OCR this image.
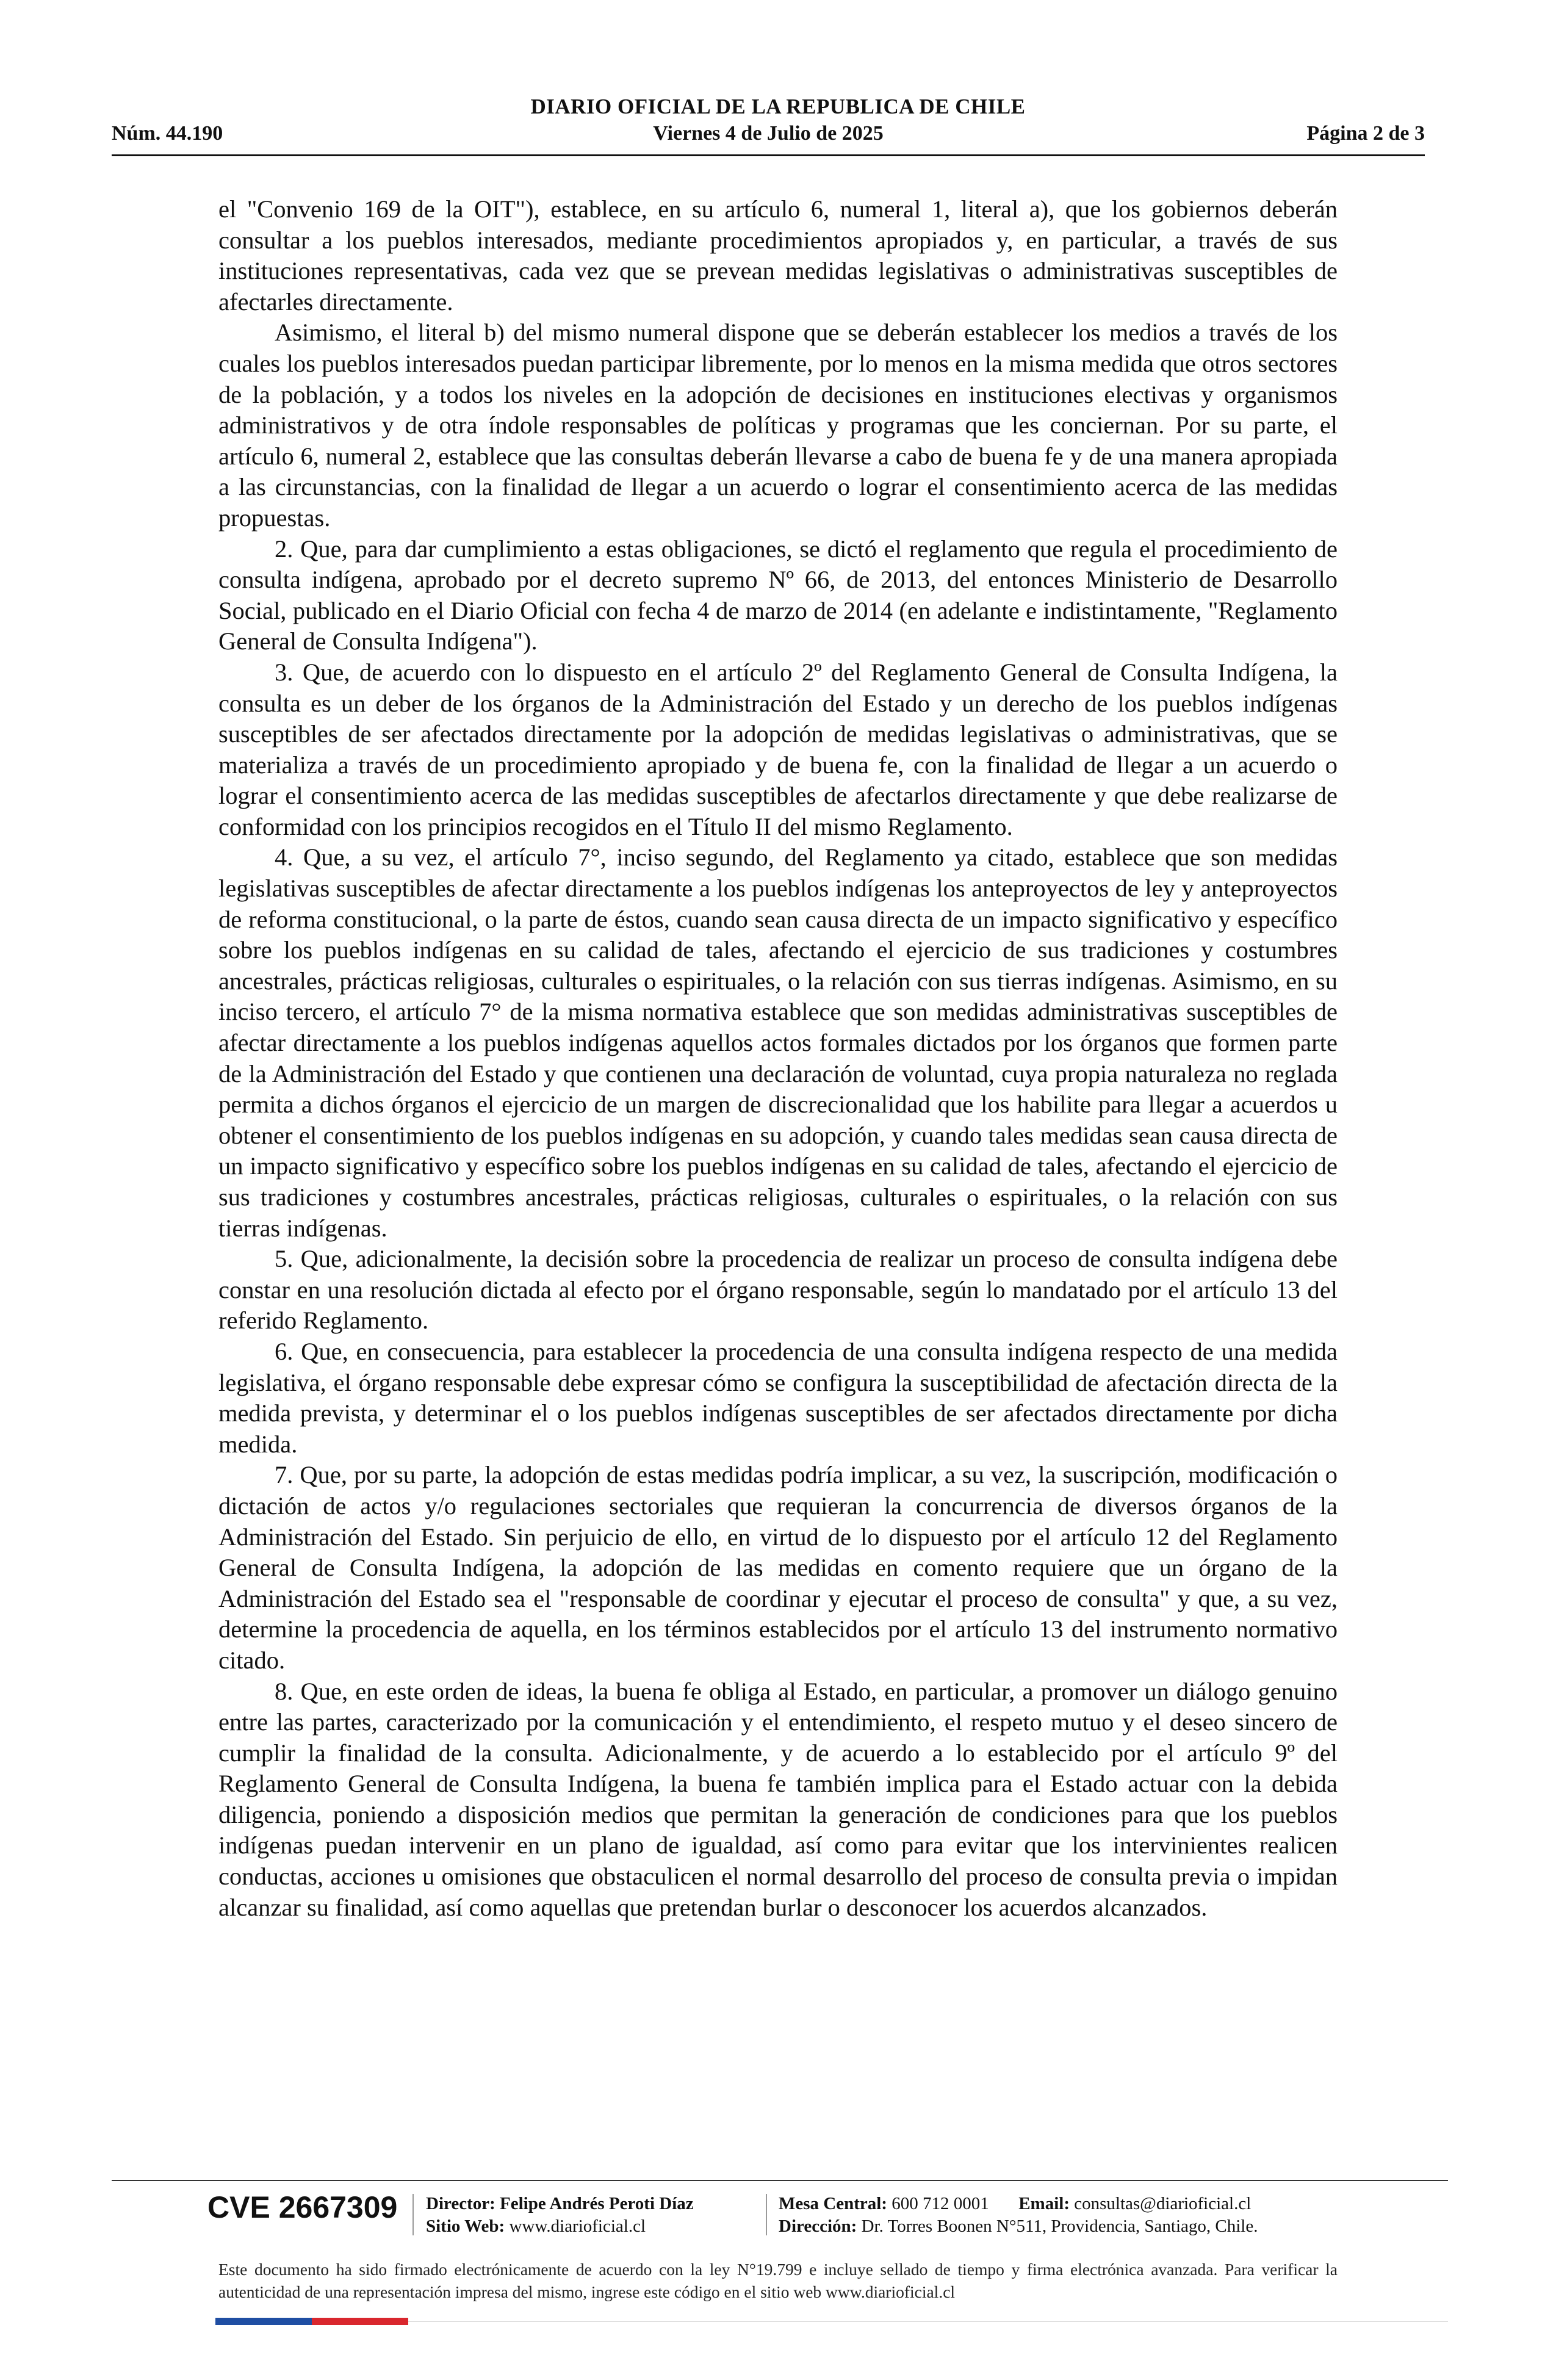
DIARIO OFICIAL DE LA REPUBLICA DE CHILE
Núm. 44.190	Viernes 4 de Julio de 2025	Página 2 de 3

el "Convenio 169 de la OIT"), establece, en su artículo 6, numeral 1, literal a), que los gobiernos deberán consultar a los pueblos interesados, mediante procedimientos apropiados y, en particular, a través de sus instituciones representativas, cada vez que se prevean medidas legislativas o administrativas susceptibles de afectarles directamente.

Asimismo, el literal b) del mismo numeral dispone que se deberán establecer los medios a través de los cuales los pueblos interesados puedan participar libremente, por lo menos en la misma medida que otros sectores de la población, y a todos los niveles en la adopción de decisiones en instituciones electivas y organismos administrativos y de otra índole responsables de políticas y programas que les conciernan. Por su parte, el artículo 6, numeral 2, establece que las consultas deberán llevarse a cabo de buena fe y de una manera apropiada a las circunstancias, con la finalidad de llegar a un acuerdo o lograr el consentimiento acerca de las medidas propuestas.

2. Que, para dar cumplimiento a estas obligaciones, se dictó el reglamento que regula el procedimiento de consulta indígena, aprobado por el decreto supremo Nº 66, de 2013, del entonces Ministerio de Desarrollo Social, publicado en el Diario Oficial con fecha 4 de marzo de 2014 (en adelante e indistintamente, "Reglamento General de Consulta Indígena").

3. Que, de acuerdo con lo dispuesto en el artículo 2º del Reglamento General de Consulta Indígena, la consulta es un deber de los órganos de la Administración del Estado y un derecho de los pueblos indígenas susceptibles de ser afectados directamente por la adopción de medidas legislativas o administrativas, que se materializa a través de un procedimiento apropiado y de buena fe, con la finalidad de llegar a un acuerdo o lograr el consentimiento acerca de las medidas susceptibles de afectarlos directamente y que debe realizarse de conformidad con los principios recogidos en el Título II del mismo Reglamento.

4. Que, a su vez, el artículo 7°, inciso segundo, del Reglamento ya citado, establece que son medidas legislativas susceptibles de afectar directamente a los pueblos indígenas los anteproyectos de ley y anteproyectos de reforma constitucional, o la parte de éstos, cuando sean causa directa de un impacto significativo y específico sobre los pueblos indígenas en su calidad de tales, afectando el ejercicio de sus tradiciones y costumbres ancestrales, prácticas religiosas, culturales o espirituales, o la relación con sus tierras indígenas. Asimismo, en su inciso tercero, el artículo 7° de la misma normativa establece que son medidas administrativas susceptibles de afectar directamente a los pueblos indígenas aquellos actos formales dictados por los órganos que formen parte de la Administración del Estado y que contienen una declaración de voluntad, cuya propia naturaleza no reglada permita a dichos órganos el ejercicio de un margen de discrecionalidad que los habilite para llegar a acuerdos u obtener el consentimiento de los pueblos indígenas en su adopción, y cuando tales medidas sean causa directa de un impacto significativo y específico sobre los pueblos indígenas en su calidad de tales, afectando el ejercicio de sus tradiciones y costumbres ancestrales, prácticas religiosas, culturales o espirituales, o la relación con sus tierras indígenas.

5. Que, adicionalmente, la decisión sobre la procedencia de realizar un proceso de consulta indígena debe constar en una resolución dictada al efecto por el órgano responsable, según lo mandatado por el artículo 13 del referido Reglamento.

6. Que, en consecuencia, para establecer la procedencia de una consulta indígena respecto de una medida legislativa, el órgano responsable debe expresar cómo se configura la susceptibilidad de afectación directa de la medida prevista, y determinar el o los pueblos indígenas susceptibles de ser afectados directamente por dicha medida.

7. Que, por su parte, la adopción de estas medidas podría implicar, a su vez, la suscripción, modificación o dictación de actos y/o regulaciones sectoriales que requieran la concurrencia de diversos órganos de la Administración del Estado. Sin perjuicio de ello, en virtud de lo dispuesto por el artículo 12 del Reglamento General de Consulta Indígena, la adopción de las medidas en comento requiere que un órgano de la Administración del Estado sea el "responsable de coordinar y ejecutar el proceso de consulta" y que, a su vez, determine la procedencia de aquella, en los términos establecidos por el artículo 13 del instrumento normativo citado.

8. Que, en este orden de ideas, la buena fe obliga al Estado, en particular, a promover un diálogo genuino entre las partes, caracterizado por la comunicación y el entendimiento, el respeto mutuo y el deseo sincero de cumplir la finalidad de la consulta. Adicionalmente, y de acuerdo a lo establecido por el artículo 9º del Reglamento General de Consulta Indígena, la buena fe también implica para el Estado actuar con la debida diligencia, poniendo a disposición medios que permitan la generación de condiciones para que los pueblos indígenas puedan intervenir en un plano de igualdad, así como para evitar que los intervinientes realicen conductas, acciones u omisiones que obstaculicen el normal desarrollo del proceso de consulta previa o impidan alcanzar su finalidad, así como aquellas que pretendan burlar o desconocer los acuerdos alcanzados.

CVE 2667309 Director: Felipe Andrés Peroti Díaz
Sitio Web: www.diarioficial.cl
Mesa Central: 600 712 0001 Email: consultas@diarioficial.cl
Dirección: Dr. Torres Boonen N°511, Providencia, Santiago, Chile.
Este documento ha sido firmado electrónicamente de acuerdo con la ley N°19.799 e incluye sellado de tiempo y firma electrónica avanzada. Para verificar la autenticidad de una representación impresa del mismo, ingrese este código en el sitio web www.diarioficial.cl
